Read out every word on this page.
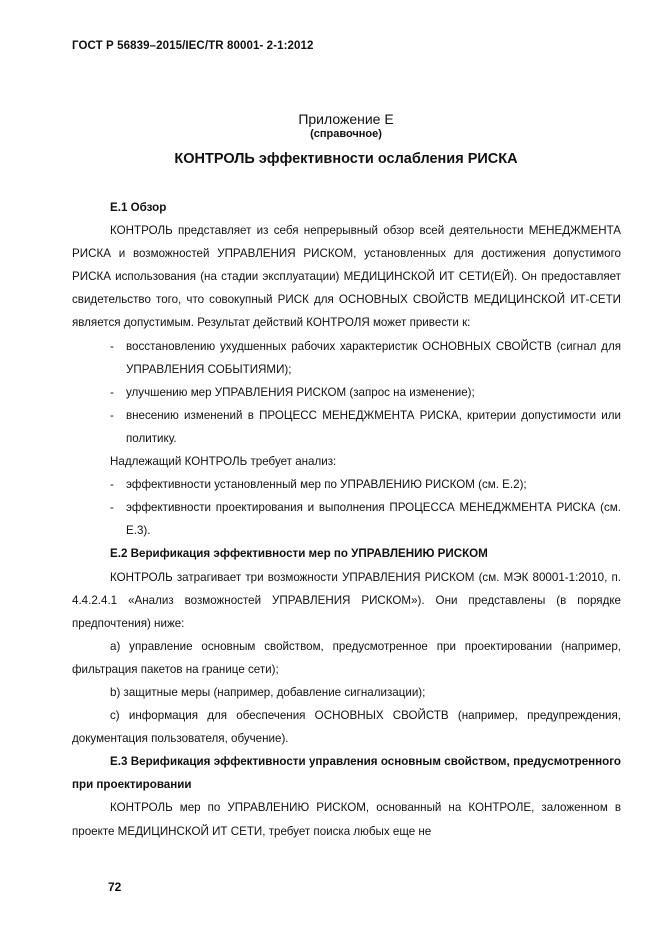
ГОСТ Р 56839–2015/IEC/TR 80001- 2-1:2012
Приложение Е
(справочное)
КОНТРОЛЬ эффективности ослабления РИСКА

Е.1 Обзор

КОНТРОЛЬ представляет из себя непрерывный обзор всей деятельности МЕНЕДЖМЕНТА РИСКА и возможностей УПРАВЛЕНИЯ РИСКОМ, установленных для достижения допустимого РИСКА использования (на стадии эксплуатации) МЕДИЦИНСКОЙ ИТ СЕТИ(ЕЙ). Он предоставляет свидетельство того, что совокупный РИСК для ОСНОВНЫХ СВОЙСТВ МЕДИЦИНСКОЙ ИТ-СЕТИ является допустимым. Результат действий КОНТРОЛЯ может привести к:

- восстановлению ухудшенных рабочих характеристик ОСНОВНЫХ СВОЙСТВ (сигнал для УПРАВЛЕНИЯ СОБЫТИЯМИ);
- улучшению мер УПРАВЛЕНИЯ РИСКОМ (запрос на изменение);
- внесению изменений в ПРОЦЕСС МЕНЕДЖМЕНТА РИСКА, критерии допустимости или политику.

Надлежащий КОНТРОЛЬ требует анализ:

- эффективности установленный мер по УПРАВЛЕНИЮ РИСКОМ (см. Е.2);
- эффективности проектирования и выполнения ПРОЦЕССА МЕНЕДЖМЕНТА РИСКА (см. Е.3).

Е.2 Верификация эффективности мер по УПРАВЛЕНИЮ РИСКОМ

КОНТРОЛЬ затрагивает три возможности УПРАВЛЕНИЯ РИСКОМ (см. МЭК 80001-1:2010, п. 4.4.2.4.1 «Анализ возможностей УПРАВЛЕНИЯ РИСКОМ»). Они представлены (в порядке предпочтения) ниже:

а) управление основным свойством, предусмотренное при проектировании (например, фильтрация пакетов на границе сети);

b) защитные меры (например, добавление сигнализации);

с) информация для обеспечения ОСНОВНЫХ СВОЙСТВ (например, предупреждения, документация пользователя, обучение).

Е.3 Верификация эффективности управления основным свойством, предусмотренного при проектировании

КОНТРОЛЬ мер по УПРАВЛЕНИЮ РИСКОМ, основанный на КОНТРОЛЕ, заложенном в проекте МЕДИЦИНСКОЙ ИТ СЕТИ, требует поиска любых еще не

72
